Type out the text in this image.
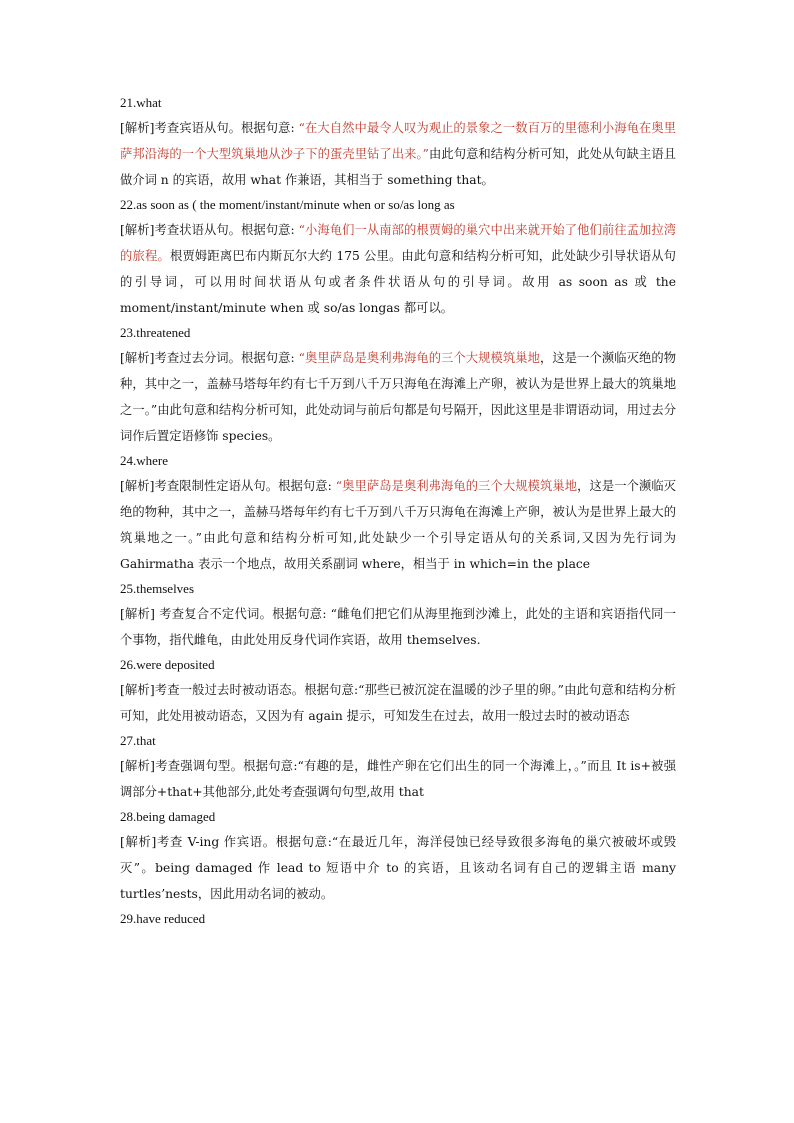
21.what

[解析]考查宾语从句。根据句意: “在大自然中最令人叹为观止的景象之一数百万的里德利小海龟在奥里萨邦沿海的一个大型筑巢地从沙子下的蛋壳里钻了出来。”由此句意和结构分析可知，此处从句缺主语且做介词 n 的宾语，故用 what 作兼语，其相当于 something that。

22.as soon as ( the moment/instant/minute when or so/as long as

[解析]考查状语从句。根据句意: “小海龟们一从南部的根贾姆的巢穴中出来就开始了他们前往孟加拉湾的旅程。根贾姆距离巴布内斯瓦尔大约 175 公里。由此句意和结构分析可知，此处缺少引导状语从句的引导词，可以用时间状语从句或者条件状语从句的引导词。故用 as soon as 或 the moment/instant/minute when 或 so/as longas 都可以。

23.threatened

[解析]考查过去分词。根据句意: “奥里萨岛是奥利弗海龟的三个大规模筑巢地，这是一个濒临灭绝的物种，其中之一，盖赫马塔每年约有七千万到八千万只海龟在海滩上产卵，被认为是世界上最大的筑巢地之一。”由此句意和结构分析可知，此处动词与前后句都是句号隔开，因此这里是非谓语动词，用过去分词作后置定语修饰 species。

24.where

[解析]考查限制性定语从句。根据句意: “奥里萨岛是奥利弗海龟的三个大规模筑巢地，这是一个濒临灭绝的物种，其中之一，盖赫马塔每年约有七千万到八千万只海龟在海滩上产卵，被认为是世界上最大的筑巢地之一。”由此句意和结构分析可知,此处缺少一个引导定语从句的关系词,又因为先行词为 Gahirmatha 表示一个地点，故用关系副词 where，相当于 in which=in the place

25.themselves

[解析] 考查复合不定代词。根据句意: “雌龟们把它们从海里拖到沙滩上，此处的主语和宾语指代同一个事物，指代雌龟，由此处用反身代词作宾语，故用 themselves.

26.were deposited

[解析]考查一般过去时被动语态。根据句意:“那些已被沉淀在温暖的沙子里的卵。”由此句意和结构分析可知，此处用被动语态，又因为有 again 提示，可知发生在过去，故用一般过去时的被动语态

27.that

[解析]考查强调句型。根据句意:“有趣的是，雌性产卵在它们出生的同一个海滩上，。”而且 It is+被强调部分+that+其他部分,此处考查强调句句型,故用 that

28.being damaged

[解析]考查 V-ing 作宾语。根据句意:“在最近几年，海洋侵蚀已经导致很多海龟的巢穴被破坏或毁灭”。being damaged 作 lead to 短语中介 to 的宾语，且该动名词有自己的逻辑主语 many turtles’nests，因此用动名词的被动。

29.have reduced
